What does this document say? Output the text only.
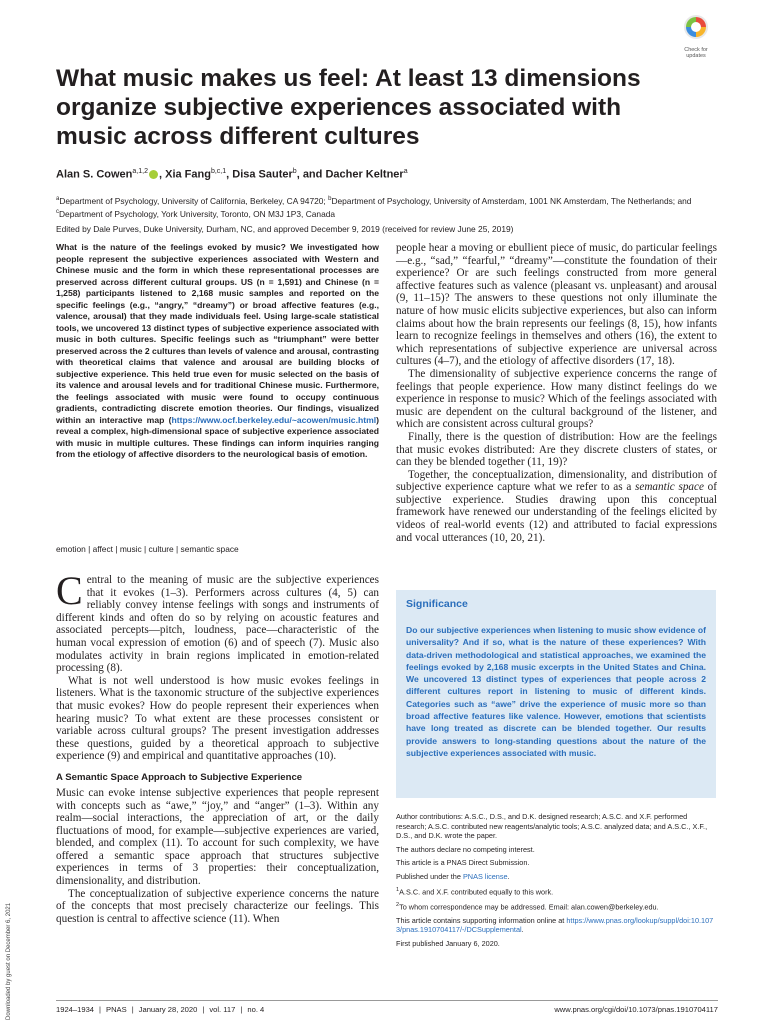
Check for updates
What music makes us feel: At least 13 dimensions organize subjective experiences associated with music across different cultures
Alan S. Cowen$^{a,1,2}$ , Xia Fang$^{b,c,1}$, Disa Sauter$^b$, and Dacher Keltner$^a$
$^a$Department of Psychology, University of California, Berkeley, CA 94720; $^b$Department of Psychology, University of Amsterdam, 1001 NK Amsterdam, The Netherlands; and $^c$Department of Psychology, York University, Toronto, ON M3J 1P3, Canada
Edited by Dale Purves, Duke University, Durham, NC, and approved December 9, 2019 (received for review June 25, 2019)
What is the nature of the feelings evoked by music? We investigated how people represent the subjective experiences associated with Western and Chinese music and the form in which these representational processes are preserved across different cultural groups. US (n = 1,591) and Chinese (n = 1,258) participants listened to 2,168 music samples and reported on the specific feelings (e.g., “angry,” “dreamy”) or broad affective features (e.g., valence, arousal) that they made individuals feel. Using large-scale statistical tools, we uncovered 13 distinct types of subjective experience associated with music in both cultures. Specific feelings such as “triumphant” were better preserved across the 2 cultures than levels of valence and arousal, contrasting with theoretical claims that valence and arousal are building blocks of subjective experience. This held true even for music selected on the basis of its valence and arousal levels and for traditional Chinese music. Furthermore, the feelings associated with music were found to occupy continuous gradients, contradicting discrete emotion theories. Our findings, visualized within an interactive map (https://www.ocf.berkeley.edu/~acowen/music.html) reveal a complex, high-dimensional space of subjective experience associated with music in multiple cultures. These findings can inform inquiries ranging from the etiology of affective disorders to the neurological basis of emotion.
emotion | affect | music | culture | semantic space

Central to the meaning of music are the subjective experiences that it evokes (1–3). Performers across cultures (4, 5) can reliably convey intense feelings with songs and instruments of different kinds and often do so by relying on acoustic features and associated percepts—pitch, loudness, pace—characteristic of the human vocal expression of emotion (6) and of speech (7). Music also modulates activity in brain regions implicated in emotion-related processing (8).

What is not well understood is how music evokes feelings in listeners. What is the taxonomic structure of the subjective experiences that music evokes? How do people represent their experiences when hearing music? To what extent are these processes consistent or variable across cultural groups? The present investigation addresses these questions, guided by a theoretical approach to subjective experience (9) and empirical and quantitative approaches (10).

A Semantic Space Approach to Subjective Experience

Music can evoke intense subjective experiences that people represent with concepts such as “awe,” “joy,” and “anger” (1–3). Within any realm—social interactions, the appreciation of art, or the daily fluctuations of mood, for example—subjective experiences are varied, blended, and complex (11). To account for such complexity, we have offered a semantic space approach that structures subjective experiences in terms of 3 properties: their conceptualization, dimensionality, and distribution.

The conceptualization of subjective experience concerns the nature of the concepts that most precisely characterize our feelings. This question is central to affective science (11). When

people hear a moving or ebullient piece of music, do particular feelings—e.g., “sad,” “fearful,” “dreamy”—constitute the foundation of their experience? Or are such feelings constructed from more general affective features such as valence (pleasant vs. unpleasant) and arousal (9, 11–15)? The answers to these questions not only illuminate the nature of how music elicits subjective experiences, but also can inform claims about how the brain represents our feelings (8, 15), how infants learn to recognize feelings in themselves and others (16), the extent to which representations of subjective experience are universal across cultures (4–7), and the etiology of affective disorders (17, 18).

The dimensionality of subjective experience concerns the range of feelings that people experience. How many distinct feelings do we experience in response to music? Which of the feelings associated with music are dependent on the cultural background of the listener, and which are consistent across cultural groups?

Finally, there is the question of distribution: How are the feelings that music evokes distributed: Are they discrete clusters of states, or can they be blended together (11, 19)?

Together, the conceptualization, dimensionality, and distribution of subjective experience capture what we refer to as a semantic space of subjective experience. Studies drawing upon this conceptual framework have renewed our understanding of the feelings elicited by videos of real-world events (12) and attributed to facial expressions and vocal utterances (10, 20, 21).

Significance
Do our subjective experiences when listening to music show evidence of universality? And if so, what is the nature of these experiences? With data-driven methodological and statistical approaches, we examined the feelings evoked by 2,168 music excerpts in the United States and China. We uncovered 13 distinct types of experiences that people across 2 different cultures report in listening to music of different kinds. Categories such as “awe” drive the experience of music more so than broad affective features like valence. However, emotions that scientists have long treated as discrete can be blended together. Our results provide answers to long-standing questions about the nature of the subjective experiences associated with music.

Author contributions: A.S.C., D.S., and D.K. designed research; A.S.C. and X.F. performed research; A.S.C. contributed new reagents/analytic tools; A.S.C. analyzed data; and A.S.C., X.F., D.S., and D.K. wrote the paper.

The authors declare no competing interest.

This article is a PNAS Direct Submission.

Published under the PNAS license.

$^1$A.S.C. and X.F. contributed equally to this work.

$^2$To whom correspondence may be addressed. Email: alan.cowen@berkeley.edu.

This article contains supporting information online at https://www.pnas.org/lookup/suppl/doi:10.1073/pnas.1910704117/-/DCSupplemental.

First published January 6, 2020.

1924–1934 | PNAS | January 28, 2020 | vol. 117 | no. 4	www.pnas.org/cgi/doi/10.1073/pnas.1910704117
Downloaded by guest on December 6, 2021
